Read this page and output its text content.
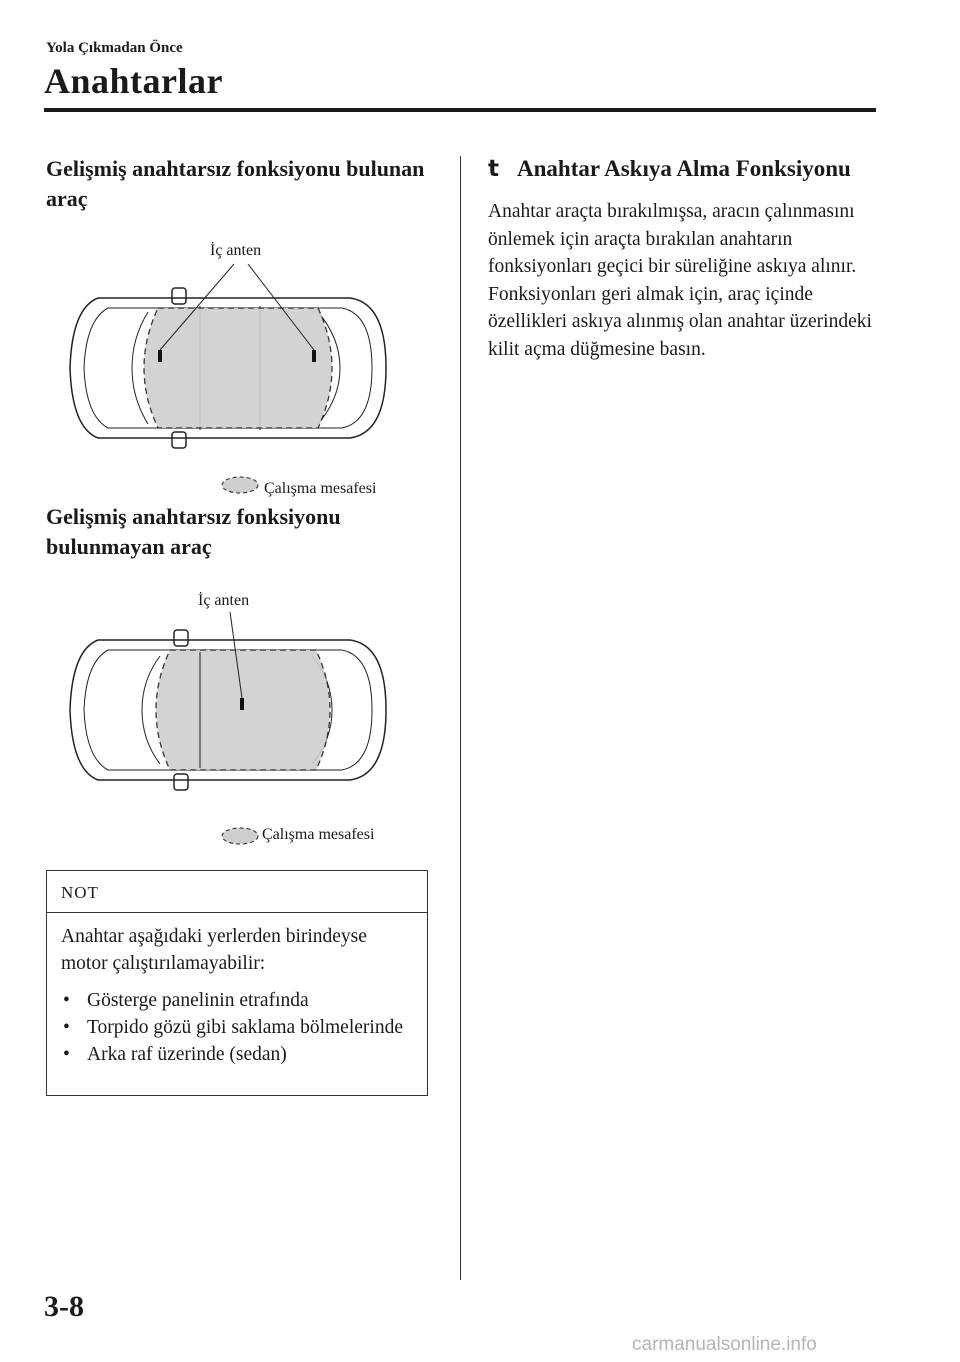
Yola Çıkmadan Önce
Anahtarlar
Gelişmiş anahtarsız fonksiyonu bulunan araç
İç anten
Çalışma mesafesi
Gelişmiş anahtarsız fonksiyonu bulunmayan araç
İç anten
Çalışma mesafesi
NOT
Anahtar aşağıdaki yerlerden birindeyse motor çalıştırılamayabilir:
• Gösterge panelinin etrafında
• Torpido gözü gibi saklama bölmelerinde
• Arka raf üzerinde (sedan)
t Anahtar Askıya Alma Fonksiyonu

Anahtar araçta bırakılmışsa, aracın çalınmasını önlemek için araçta bırakılan anahtarın fonksiyonları geçici bir süreliğine askıya alınır.

Fonksiyonları geri almak için, araç içinde özellikleri askıya alınmış olan anahtar üzerindeki kilit açma düğmesine basın.

3-8
carmanualsonline.info
